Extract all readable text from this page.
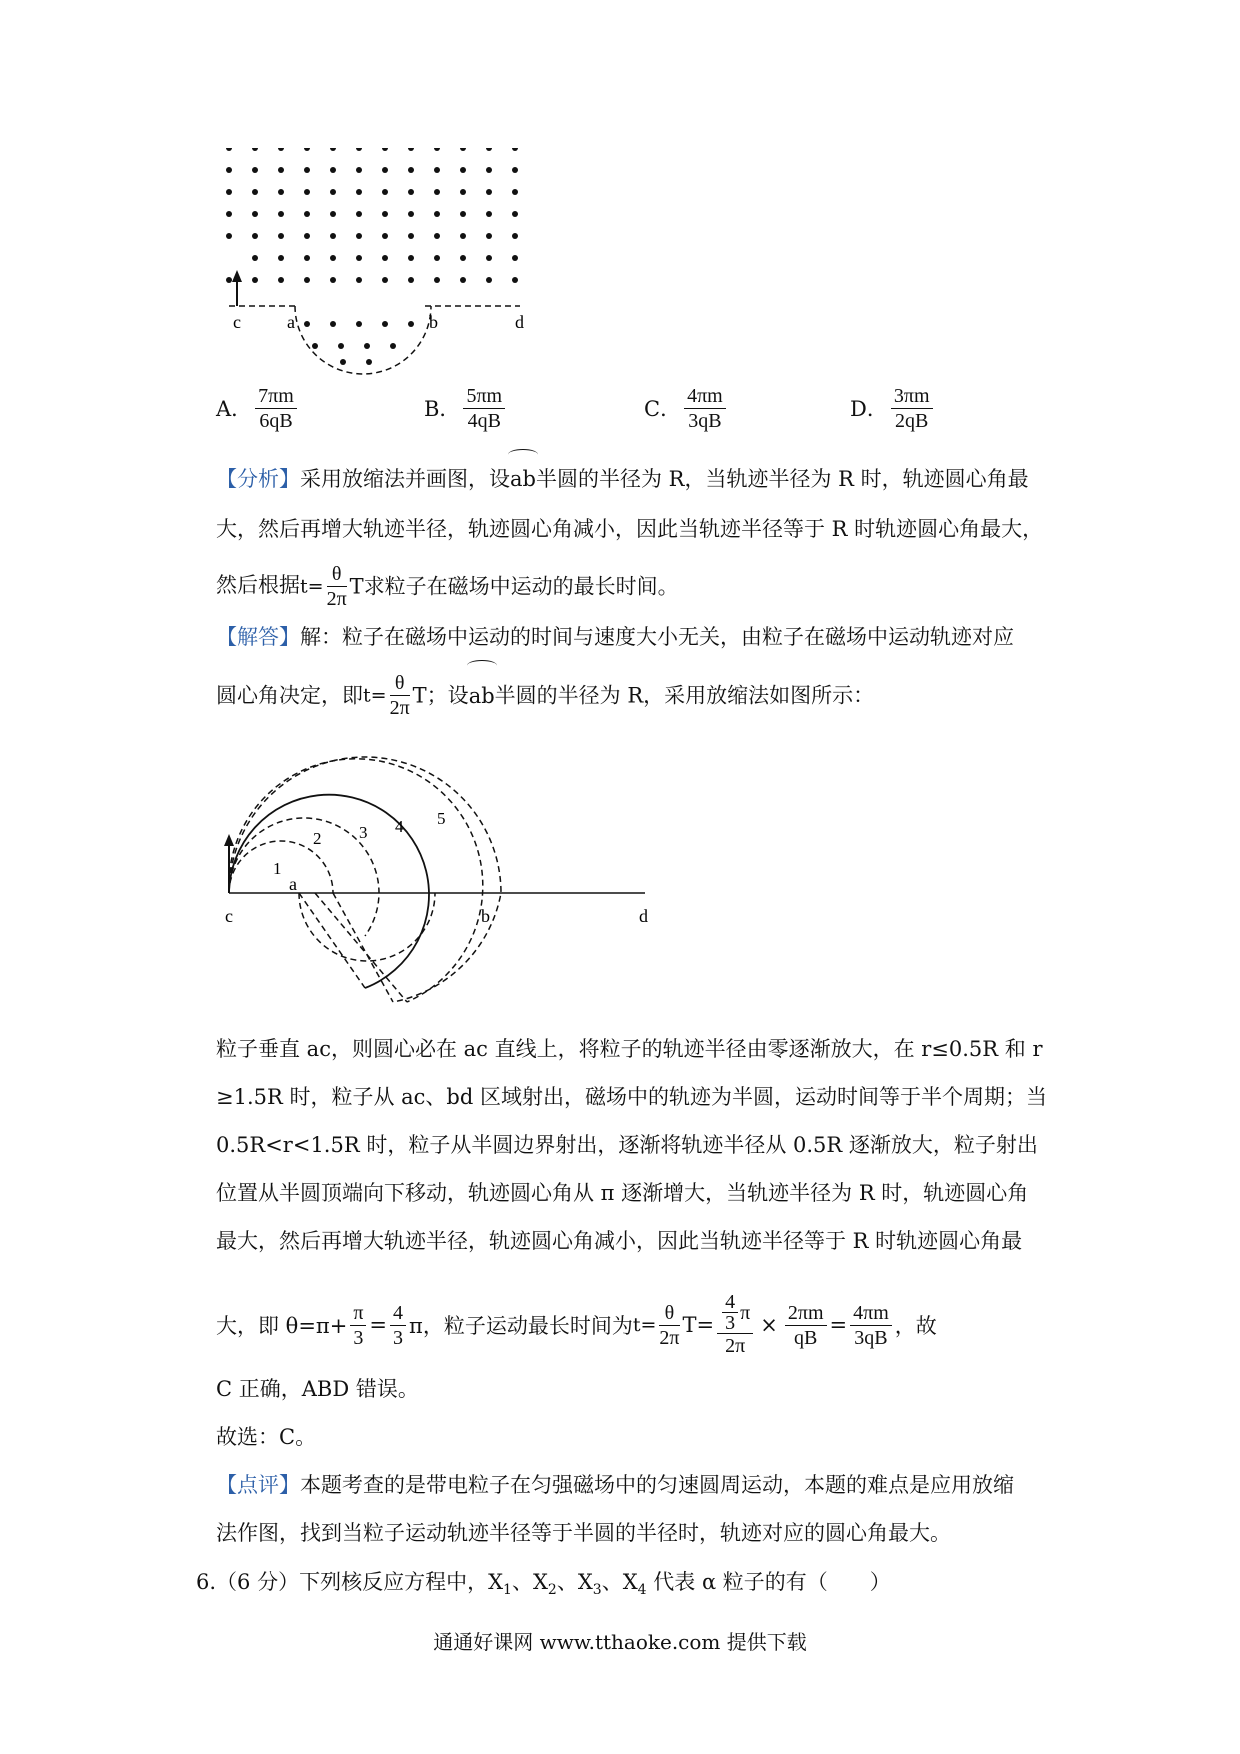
c	a	b	d
A． $\frac{7\pi m}{6qB}$	B． $\frac{5\pi m}{4qB}$	C． $\frac{4\pi m}{3qB}$	D． $\frac{3\pi m}{2qB}$
【分析】采用放缩法并画图，设ab半圆的半径为 R，当轨迹半径为 R 时，轨迹圆心角最
大，然后再增大轨迹半径，轨迹圆心角减小，因此当轨迹半径等于 R 时轨迹圆心角最大，
然后根据$t= \frac{\theta}{2\pi}$ T求粒子在磁场中运动的最长时间。
【解答】解：粒子在磁场中运动的时间与速度大小无关，由粒子在磁场中运动轨迹对应
圆心角决定，即$t= \frac{\theta}{2\pi}$ T；设ab半圆的半径为 R，采用放缩法如图所示：
c
a
b	d
1
2 3 4 5
粒子垂直 ac，则圆心必在 ac 直线上，将粒子的轨迹半径由零逐渐放大，在 r≤0.5R 和 r
≥1.5R 时，粒子从 ac、bd 区域射出，磁场中的轨迹为半圆，运动时间等于半个周期；当
0.5R<r<1.5R 时，粒子从半圆边界射出，逐渐将轨迹半径从 0.5R 逐渐放大，粒子射出
位置从半圆顶端向下移动，轨迹圆心角从 π 逐渐增大，当轨迹半径为 R 时，轨迹圆心角
最大，然后再增大轨迹半径，轨迹圆心角减小，因此当轨迹半径等于 R 时轨迹圆心角最
大，即 $\theta=\pi+ \frac{\pi}{3} = \frac{4}{3}$ π，粒子运动最长时间为 $t= \frac{\theta}{2\pi} T= \frac{\frac{4}{3} \pi}{2\pi} \times \frac{2\pi m}{qB} = \frac{4\pi m}{3qB}$ ，故
C 正确，ABD 错误。
故选：C。
【点评】本题考查的是带电粒子在匀强磁场中的匀速圆周运动，本题的难点是应用放缩
法作图，找到当粒子运动轨迹半径等于半圆的半径时，轨迹对应的圆心角最大。
6.（6 分）下列核反应方程中，$X_1$、$X_2$、$X_3$、$X_4$ 代表 α 粒子的有（　　）
通通好课网 www.tthaoke.com 提供下载
